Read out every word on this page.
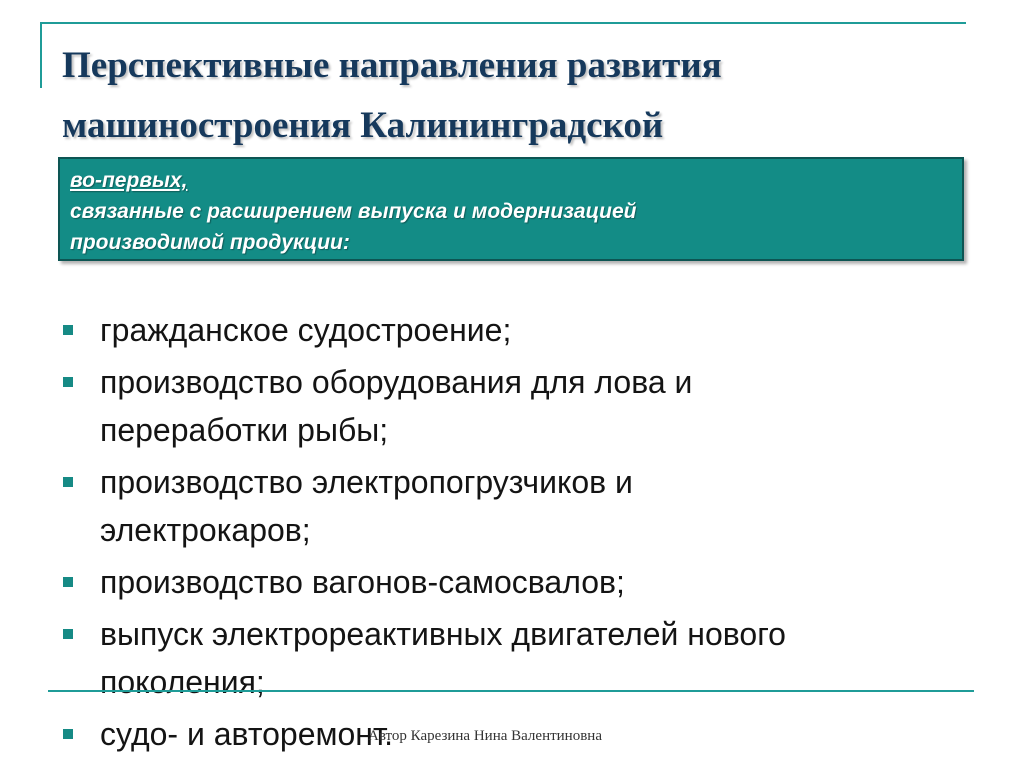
Перспективные направления развития
машиностроения Калининградской
во-первых,
связанные с расширением выпуска и модернизацией
производимой продукции:
гражданское судостроение;
производство оборудования для лова и
переработки рыбы;
производство электропогрузчиков и
электрокаров;
производство вагонов-самосвалов;
выпуск электрореактивных двигателей нового
поколения;
судо- и авторемонт.
Автор Карезина Нина Валентиновна
